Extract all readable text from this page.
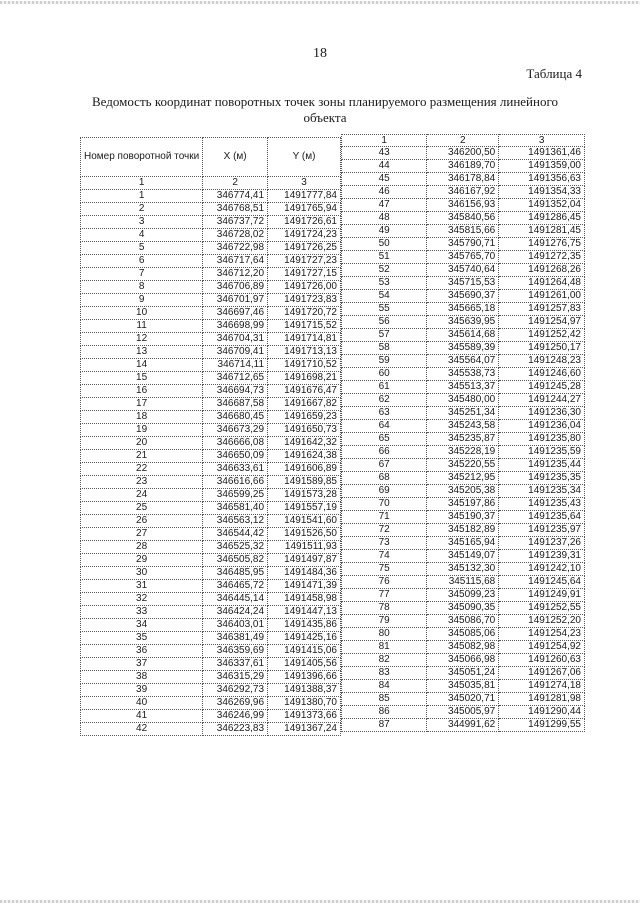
18
Таблица 4
Ведомость координат поворотных точек зоны планируемого размещения линейного объекта
Номер поворотной точки	X (м)	Y (м)
1	2	3
1	346774,41	1491777,84
2	346768,51	1491765,94
3	346737,72	1491726,61
4	346728,02	1491724,23
5	346722,98	1491726,25
6	346717,64	1491727,23
7	346712,20	1491727,15
8	346706,89	1491726,00
9	346701,97	1491723,83
10	346697,46	1491720,72
11	346698,99	1491715,52
12	346704,31	1491714,81
13	346709,41	1491713,13
14	346714,11	1491710,52
15	346712,65	1491698,21
16	346694,73	1491676,47
17	346687,58	1491667,82
18	346680,45	1491659,23
19	346673,29	1491650,73
20	346666,08	1491642,32
21	346650,09	1491624,38
22	346633,61	1491606,89
23	346616,66	1491589,85
24	346599,25	1491573,28
25	346581,40	1491557,19
26	346563,12	1491541,60
27	346544,42	1491526,50
28	346525,32	1491511,93
29	346505,82	1491497,87
30	346485,95	1491484,36
31	346465,72	1491471,39
32	346445,14	1491458,98
33	346424,24	1491447,13
34	346403,01	1491435,86
35	346381,49	1491425,16
36	346359,69	1491415,06
37	346337,61	1491405,56
38	346315,29	1491396,66
39	346292,73	1491388,37
40	346269,96	1491380,70
41	346246,99	1491373,66
42	346223,83	1491367,24
1	2	3
43	346200,50	1491361,46
44	346189,70	1491359,00
45	346178,84	1491356,63
46	346167,92	1491354,33
47	346156,93	1491352,04
48	345840,56	1491286,45
49	345815,66	1491281,45
50	345790,71	1491276,75
51	345765,70	1491272,35
52	345740,64	1491268,26
53	345715,53	1491264,48
54	345690,37	1491261,00
55	345665,18	1491257,83
56	345639,95	1491254,97
57	345614,68	1491252,42
58	345589,39	1491250,17
59	345564,07	1491248,23
60	345538,73	1491246,60
61	345513,37	1491245,28
62	345480,00	1491244,27
63	345251,34	1491236,30
64	345243,58	1491236,04
65	345235,87	1491235,80
66	345228,19	1491235,59
67	345220,55	1491235,44
68	345212,95	1491235,35
69	345205,38	1491235,34
70	345197,86	1491235,43
71	345190,37	1491235,64
72	345182,89	1491235,97
73	345165,94	1491237,26
74	345149,07	1491239,31
75	345132,30	1491242,10
76	345115,68	1491245,64
77	345099,23	1491249,91
78	345090,35	1491252,55
79	345086,70	1491252,20
80	345085,06	1491254,23
81	345082,98	1491254,92
82	345066,98	1491260,63
83	345051,24	1491267,06
84	345035,81	1491274,18
85	345020,71	1491281,98
86	345005,97	1491290,44
87	344991,62	1491299,55
